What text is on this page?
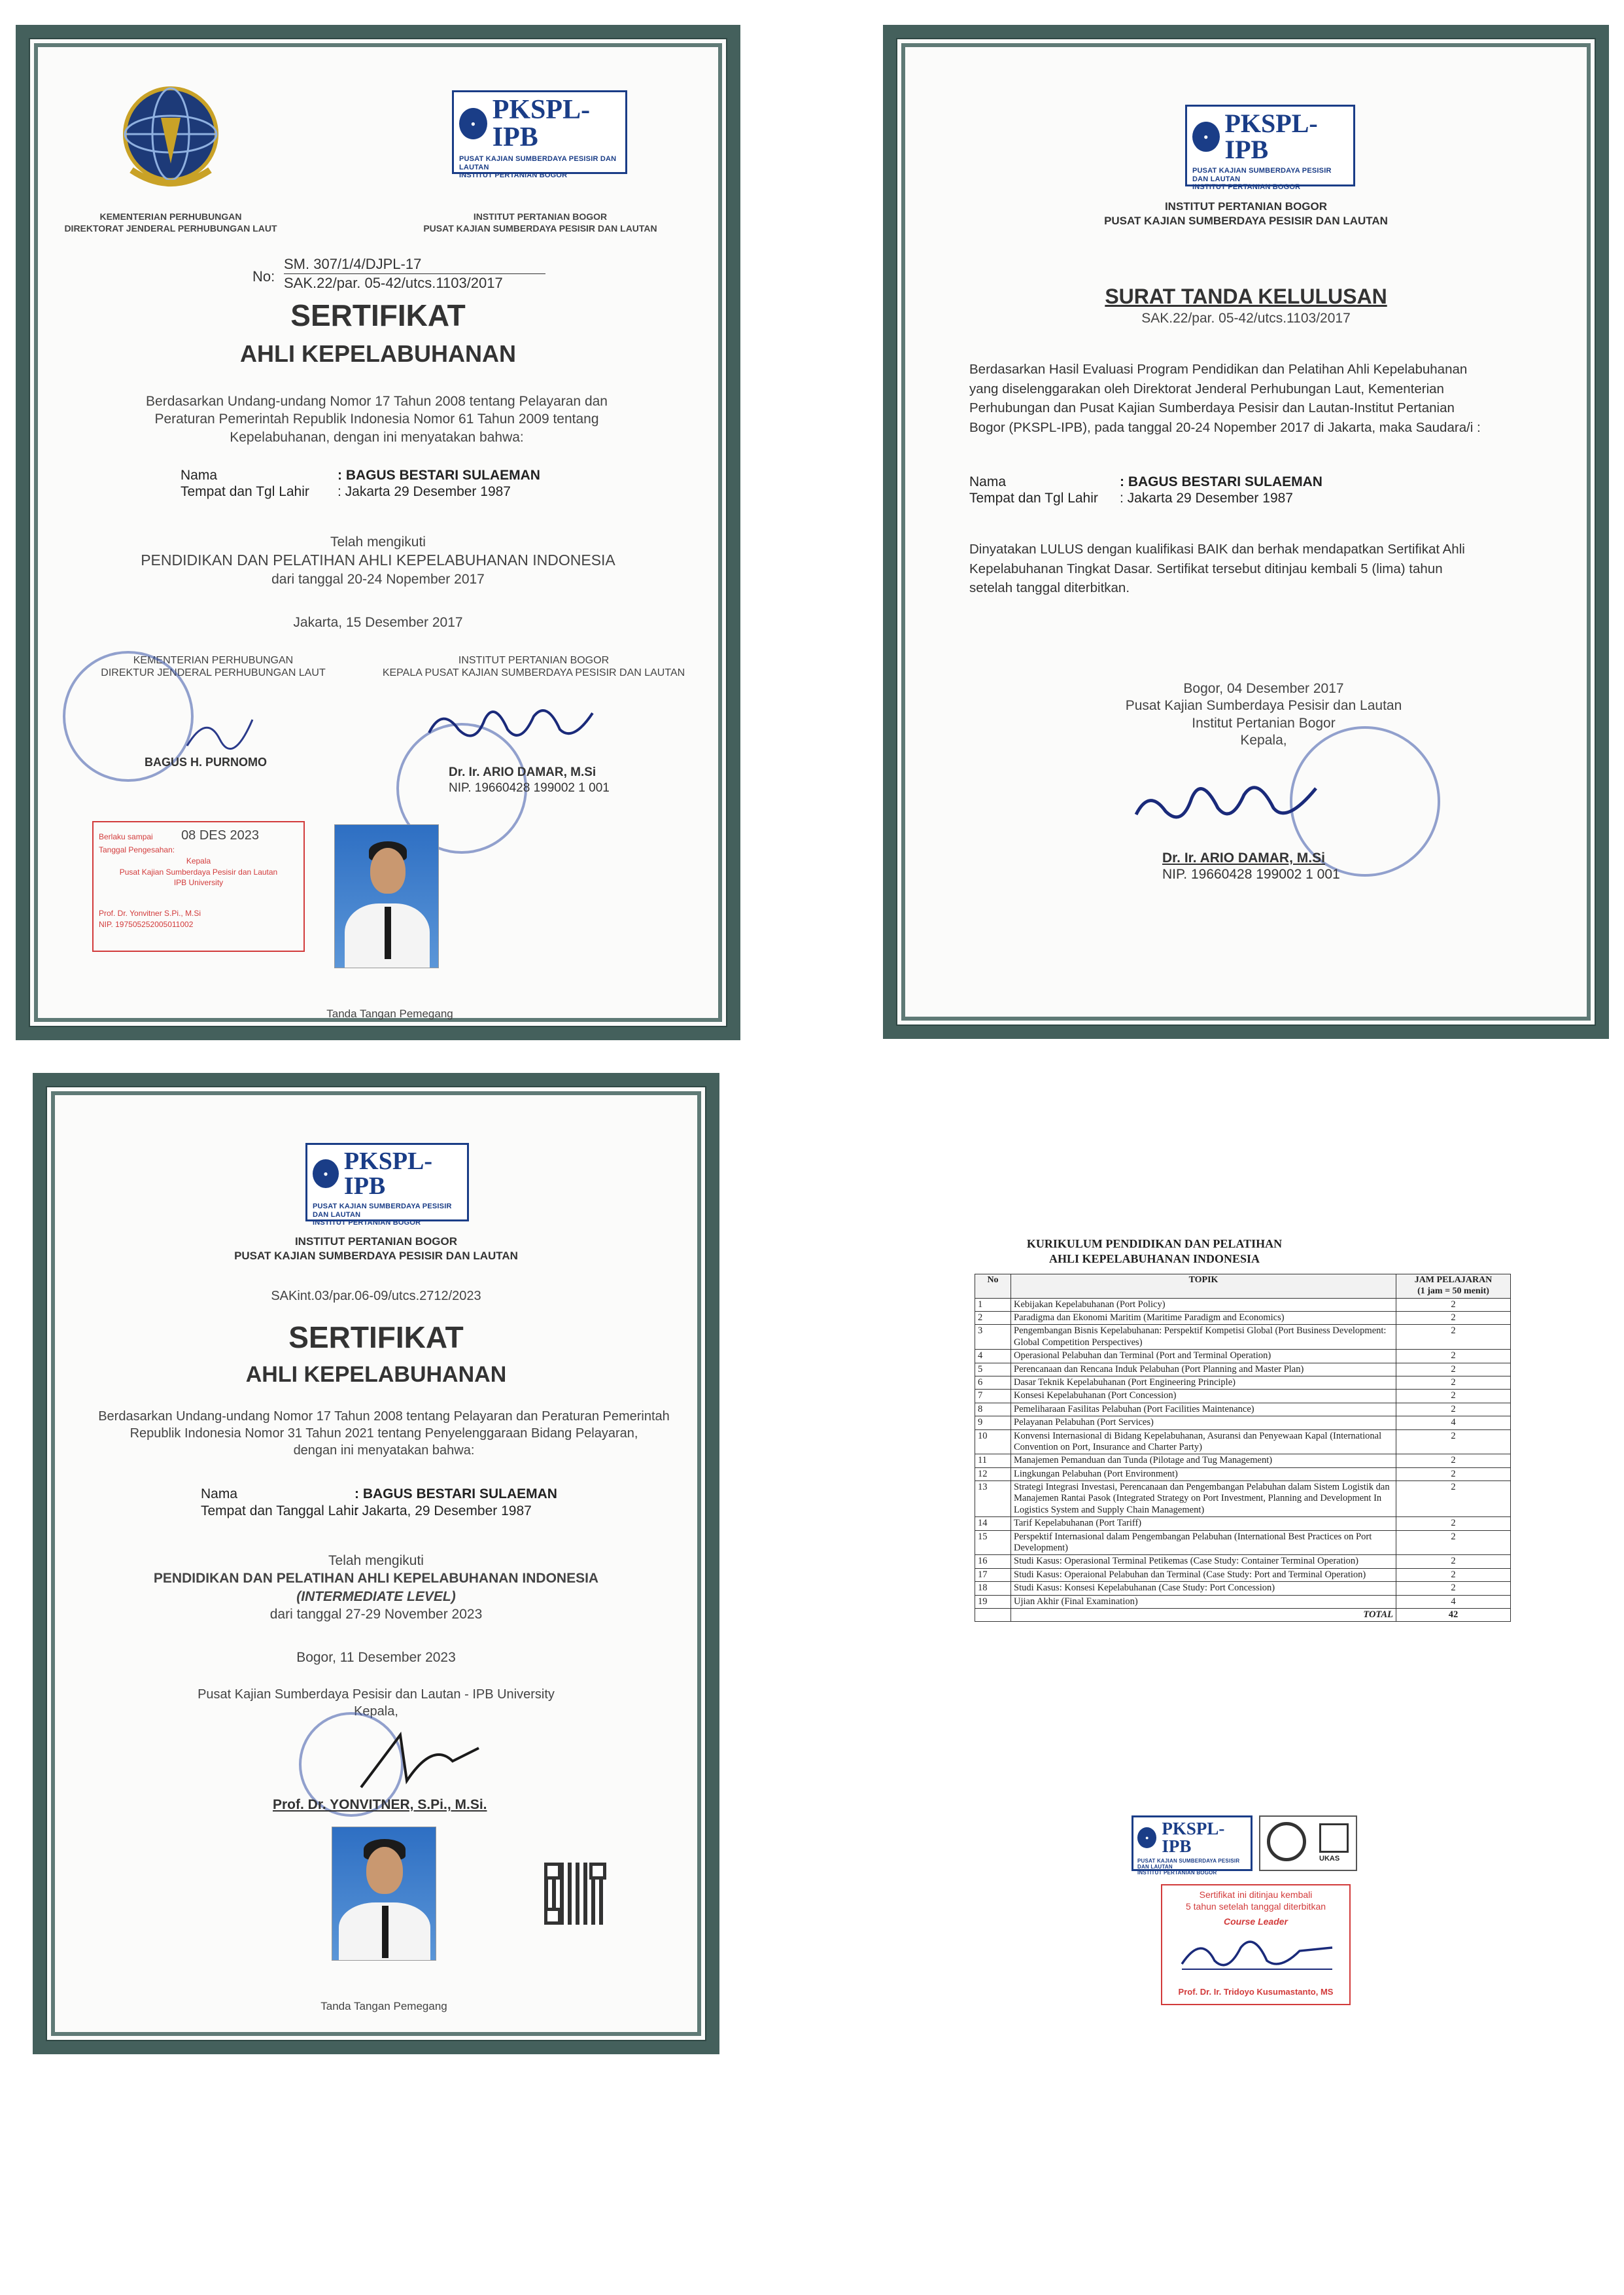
KEMENTERIAN PERHUBUNGAN
DIREKTORAT JENDERAL PERHUBUNGAN LAUT
● PKSPL-IPB
PUSAT KAJIAN SUMBERDAYA PESISIR DAN LAUTAN
INSTITUT PERTANIAN BOGOR
INSTITUT PERTANIAN BOGOR
PUSAT KAJIAN SUMBERDAYA PESISIR DAN LAUTAN
No:
SM. 307/1/4/DJPL-17
SAK.22/par. 05-42/utcs.1103/2017
SERTIFIKAT
AHLI KEPELABUHANAN
Berdasarkan Undang-undang Nomor 17 Tahun 2008 tentang Pelayaran dan
Peraturan Pemerintah Republik Indonesia Nomor 61 Tahun 2009 tentang
Kepelabuhanan, dengan ini menyatakan bahwa:
Nama	: BAGUS BESTARI SULAEMAN
Tempat dan Tgl Lahir : Jakarta 29 Desember 1987
Telah mengikuti
PENDIDIKAN DAN PELATIHAN AHLI KEPELABUHANAN INDONESIA
dari tanggal 20-24 Nopember 2017
Jakarta, 15 Desember 2017
KEMENTERIAN PERHUBUNGAN
DIREKTUR JENDERAL PERHUBUNGAN LAUT
BAGUS H. PURNOMO
INSTITUT PERTANIAN BOGOR
KEPALA PUSAT KAJIAN SUMBERDAYA PESISIR DAN LAUTAN
Dr. Ir. ARIO DAMAR, M.Si
NIP. 19660428 199002 1 001
Berlaku sampai 08 DES 2023
Tanggal Pengesahan:
Kepala
Pusat Kajian Sumberdaya Pesisir dan Lautan
IPB University
Prof. Dr. Yonvitner S.Pi., M.Si
NIP. 197505252005011002
Tanda Tangan Pemegang
● PKSPL-IPB
PUSAT KAJIAN SUMBERDAYA PESISIR DAN LAUTAN
INSTITUT PERTANIAN BOGOR
INSTITUT PERTANIAN BOGOR
PUSAT KAJIAN SUMBERDAYA PESISIR DAN LAUTAN
SURAT TANDA KELULUSAN
SAK.22/par. 05-42/utcs.1103/2017
Berdasarkan Hasil Evaluasi Program Pendidikan dan Pelatihan Ahli Kepelabuhanan
yang diselenggarakan oleh Direktorat Jenderal Perhubungan Laut, Kementerian
Perhubungan dan Pusat Kajian Sumberdaya Pesisir dan Lautan-Institut Pertanian
Bogor (PKSPL-IPB), pada tanggal 20-24 Nopember 2017 di Jakarta, maka Saudara/i :
Nama	: BAGUS BESTARI SULAEMAN
Tempat dan Tgl Lahir : Jakarta 29 Desember 1987
Dinyatakan LULUS dengan kualifikasi BAIK dan berhak mendapatkan Sertifikat Ahli
Kepelabuhanan Tingkat Dasar. Sertifikat tersebut ditinjau kembali 5 (lima) tahun
setelah tanggal diterbitkan.
Bogor, 04 Desember 2017
Pusat Kajian Sumberdaya Pesisir dan Lautan
Institut Pertanian Bogor
Kepala,
Dr. Ir. ARIO DAMAR, M.Si
NIP. 19660428 199002 1 001
● PKSPL-IPB
PUSAT KAJIAN SUMBERDAYA PESISIR DAN LAUTAN
INSTITUT PERTANIAN BOGOR
INSTITUT PERTANIAN BOGOR
PUSAT KAJIAN SUMBERDAYA PESISIR DAN LAUTAN
SAKint.03/par.06-09/utcs.2712/2023
SERTIFIKAT
AHLI KEPELABUHANAN
Berdasarkan Undang-undang Nomor 17 Tahun 2008 tentang Pelayaran dan Peraturan Pemerintah
Republik Indonesia Nomor 31 Tahun 2021 tentang Penyelenggaraan Bidang Pelayaran,
dengan ini menyatakan bahwa:
Nama	: BAGUS BESTARI SULAEMAN
Tempat dan Tanggal Lahir
: Jakarta, 29 Desember 1987
Telah mengikuti
PENDIDIKAN DAN PELATIHAN AHLI KEPELABUHANAN INDONESIA
(INTERMEDIATE LEVEL)
dari tanggal 27-29 November 2023
Bogor, 11 Desember 2023
Pusat Kajian Sumberdaya Pesisir dan Lautan - IPB University
Kepala,
Prof. Dr. YONVITNER, S.Pi., M.Si.
Tanda Tangan Pemegang
KURIKULUM PENDIDIKAN DAN PELATIHAN
AHLI KEPELABUHANAN INDONESIA
No	TOPIK	JAM PELAJARAN
(1 jam = 50 menit)

1	Kebijakan Kepelabuhanan (Port Policy)	2
2	Paradigma dan Ekonomi Maritim (Maritime Paradigm and Economics)	2
3	Pengembangan Bisnis Kepelabuhanan: Perspektif Kompetisi Global (Port Business Development: Global Competition Perspectives)	2
4	Operasional Pelabuhan dan Terminal (Port and Terminal Operation)	2
5	Perencanaan dan Rencana Induk Pelabuhan (Port Planning and Master Plan)	2
6	Dasar Teknik Kepelabuhanan (Port Engineering Principle)	2
7	Konsesi Kepelabuhanan (Port Concession)	2
8	Pemeliharaan Fasilitas Pelabuhan (Port Facilities Maintenance)	2
9	Pelayanan Pelabuhan (Port Services)	4
10	Konvensi Internasional di Bidang Kepelabuhanan, Asuransi dan Penyewaan Kapal (International Convention on Port, Insurance and Charter Party)	2
11	Manajemen Pemanduan dan Tunda (Pilotage and Tug Management)	2
12	Lingkungan Pelabuhan (Port Environment)	2
13	Strategi Integrasi Investasi, Perencanaan dan Pengembangan Pelabuhan dalam Sistem Logistik dan Manajemen Rantai Pasok (Integrated Strategy on Port Investment, Planning and Development In Logistics System and Supply Chain Management)	2
14	Tarif Kepelabuhanan (Port Tariff)	2
15	Perspektif Internasional dalam Pengembangan Pelabuhan (International Best Practices on Port Development)	2
16	Studi Kasus: Operasional Terminal Petikemas (Case Study: Container Terminal Operation)	2
17	Studi Kasus: Operaional Pelabuhan dan Terminal (Case Study: Port and Terminal Operation)	2
18	Studi Kasus: Konsesi Kepelabuhanan (Case Study: Port Concession)	2
19	Ujian Akhir (Final Examination)	4
	TOTAL	42
● PKSPL-IPB
PUSAT KAJIAN SUMBERDAYA PESISIR DAN LAUTAN
INSTITUT PERTANIAN BOGOR
UKAS
Sertifikat ini ditinjau kembali
5 tahun setelah tanggal diterbitkan
Course Leader
Prof. Dr. Ir. Tridoyo Kusumastanto, MS
